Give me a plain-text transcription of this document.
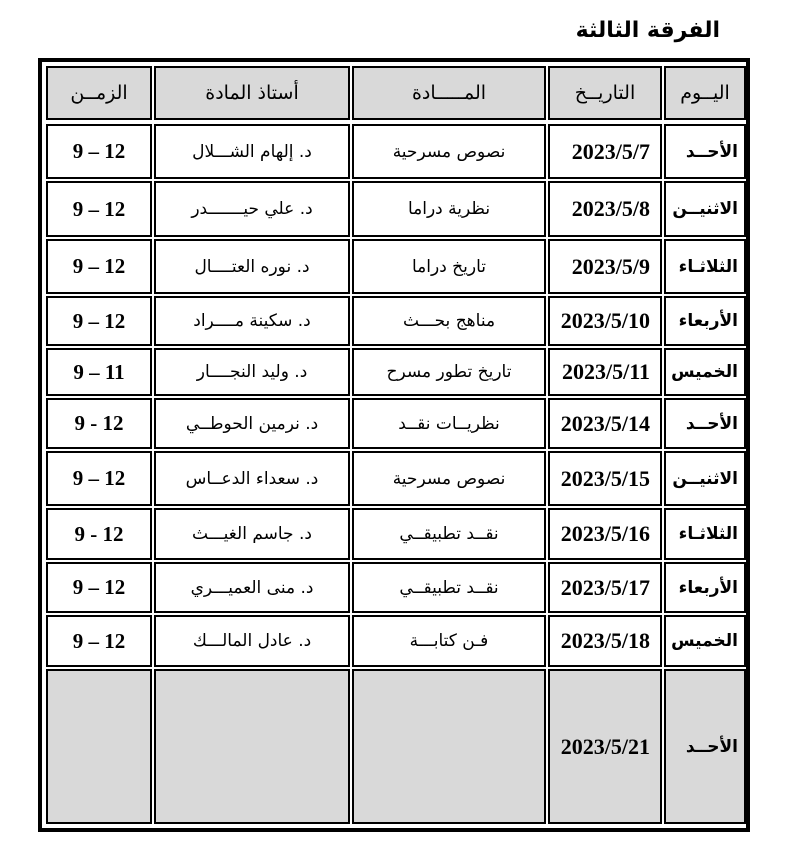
الفرقة الثالثة
اليــوم
التاريــخ
المـــــادة
أستاذ المادة
الزمــن
الأحــد
2023/5/7
نصوص مسرحية
د. إلهام الشـــلال
9 – 12
الاثنيــن
2023/5/8
نظرية دراما
د. علي حيـــــــدر
9 – 12
الثلاثـاء
2023/5/9
تاريخ دراما
د. نوره العتــــال
9 – 12
الأربعاء
2023/5/10
مناهج بحـــث
د. سكينة مــــراد
9 – 12
الخميس
2023/5/11
تاريخ تطور مسرح
د. وليد النجــــار
9 – 11
الأحــد
2023/5/14
نظريــات نقــد
د. نرمين الحوطــي
9 - 12
الاثنيــن
2023/5/15
نصوص مسرحية
د. سعداء الدعــاس
9 – 12
الثلاثـاء
2023/5/16
نقــد تطبيقــي
د. جاسم الغيـــث
9 - 12
الأربعاء
2023/5/17
نقــد تطبيقــي
د. منى العميـــري
9 – 12
الخميس
2023/5/18
فـن كتابـــة
د. عادل المالـــك
9 – 12
الأحــد
2023/5/21
